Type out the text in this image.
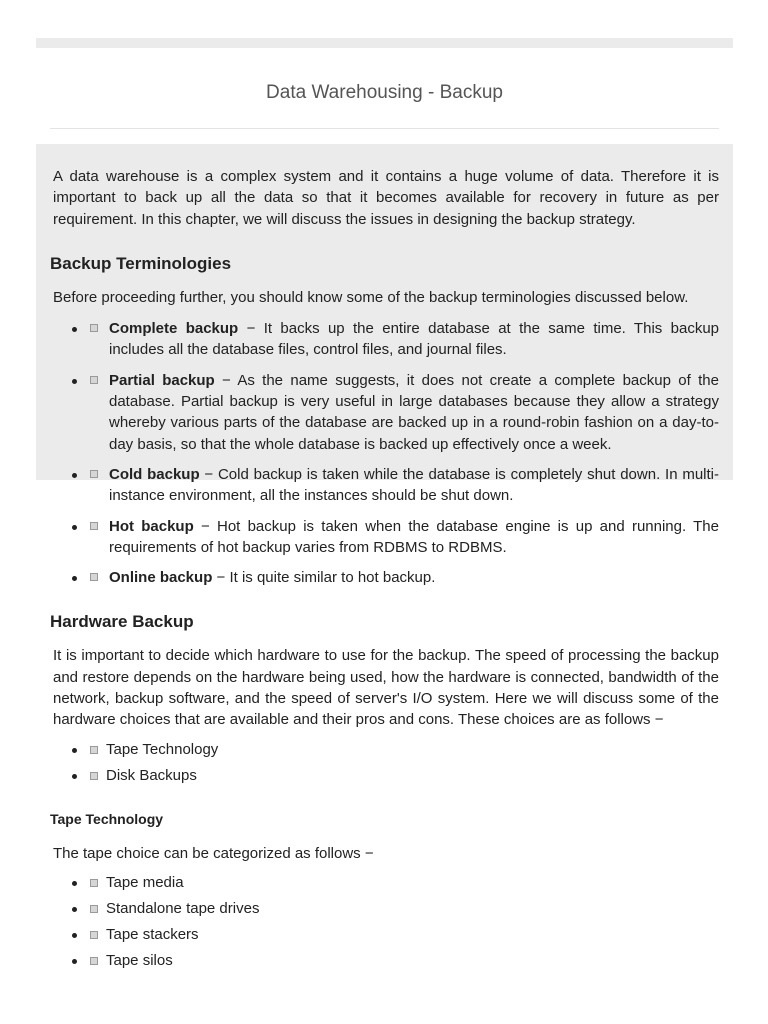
Data Warehousing - Backup

A data warehouse is a complex system and it contains a huge volume of data. Therefore it is important to back up all the data so that it becomes available for recovery in future as per requirement. In this chapter, we will discuss the issues in designing the backup strategy.

Backup Terminologies

Before proceeding further, you should know some of the backup terminologies discussed below.

Complete backup − It backs up the entire database at the same time. This backup includes all the database files, control files, and journal files.
Partial backup − As the name suggests, it does not create a complete backup of the database. Partial backup is very useful in large databases because they allow a strategy whereby various parts of the database are backed up in a round-robin fashion on a day-to-day basis, so that the whole database is backed up effectively once a week.
Cold backup − Cold backup is taken while the database is completely shut down. In multi-instance environment, all the instances should be shut down.
Hot backup − Hot backup is taken when the database engine is up and running. The requirements of hot backup varies from RDBMS to RDBMS.
Online backup − It is quite similar to hot backup.
Hardware Backup

It is important to decide which hardware to use for the backup. The speed of processing the backup and restore depends on the hardware being used, how the hardware is connected, bandwidth of the network, backup software, and the speed of server's I/O system. Here we will discuss some of the hardware choices that are available and their pros and cons. These choices are as follows −

Tape Technology
Disk Backups
Tape Technology

The tape choice can be categorized as follows −

Tape media
Standalone tape drives
Tape stackers
Tape silos
